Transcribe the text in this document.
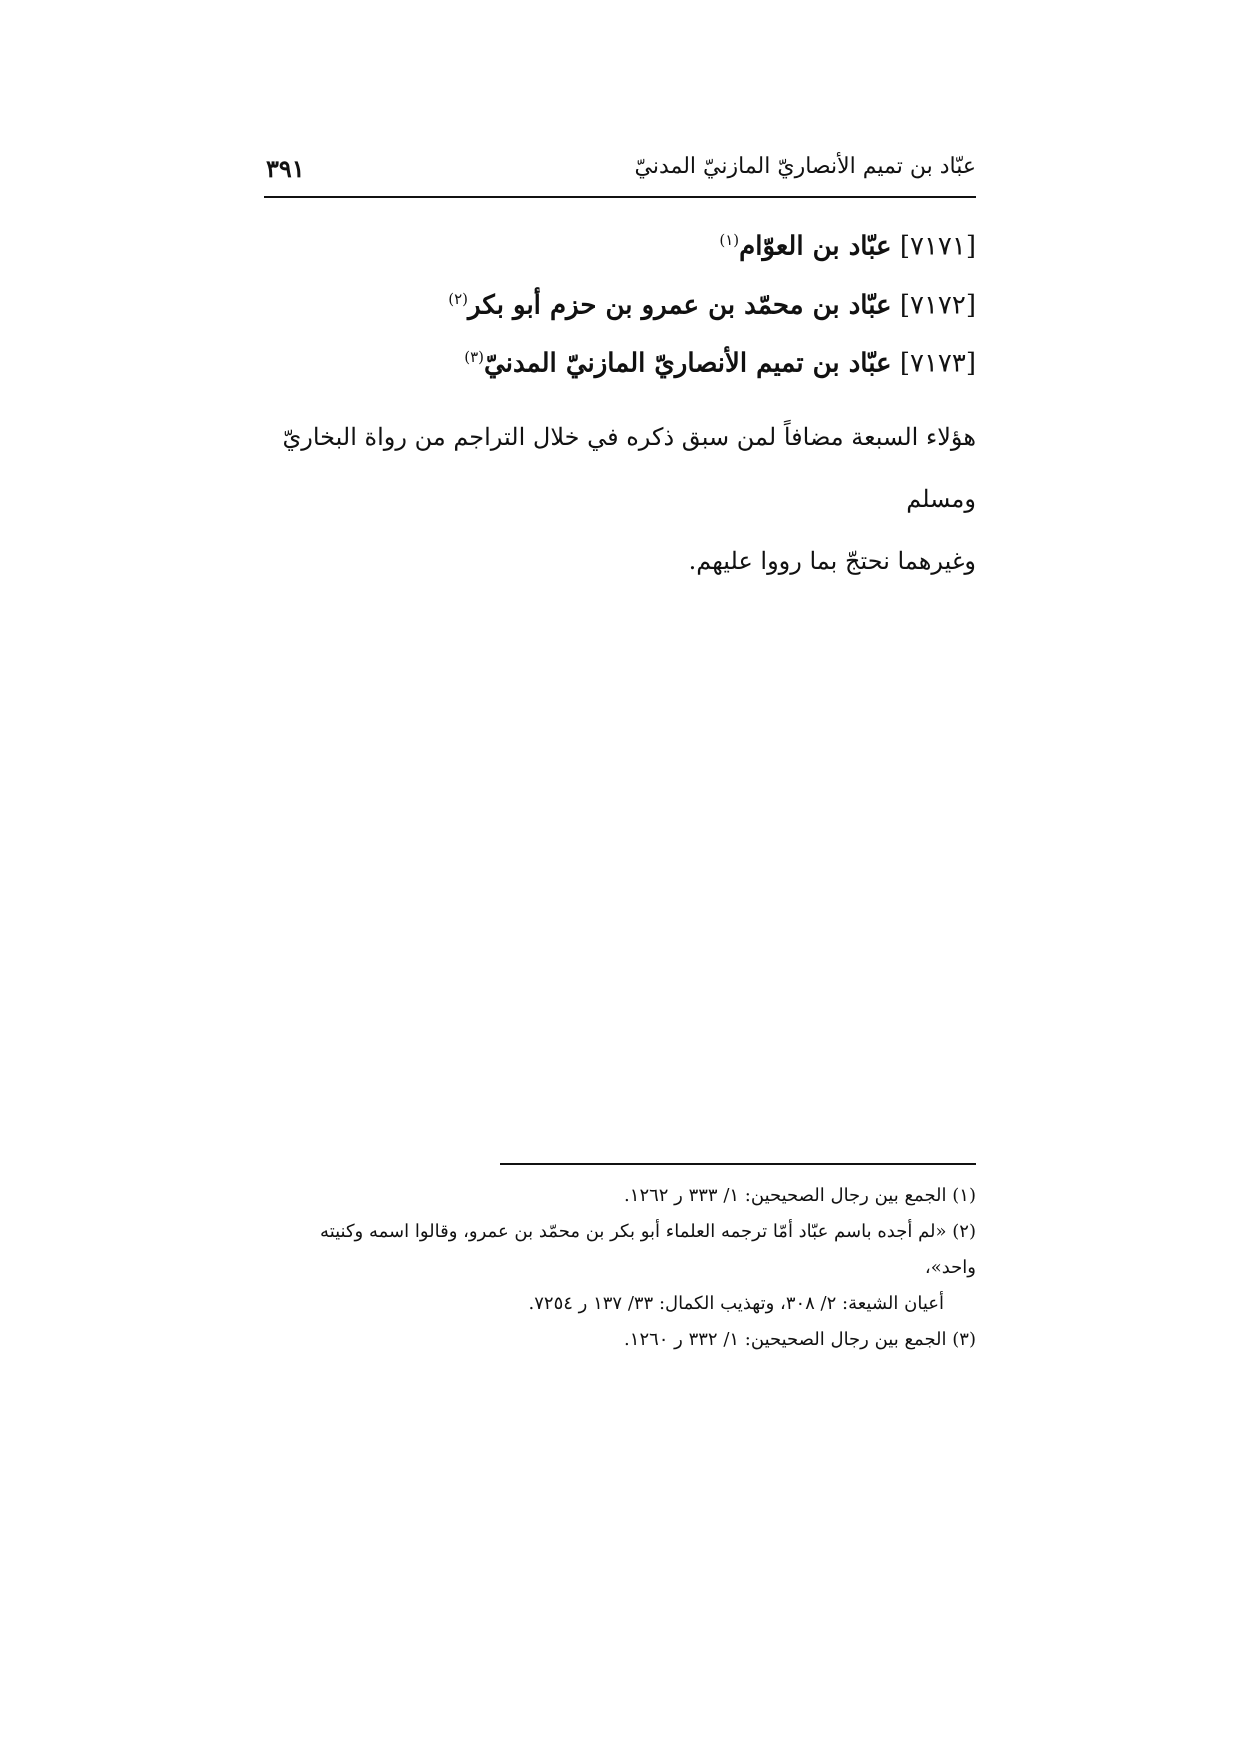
عبّاد بن تميم الأنصاريّ المازنيّ المدنيّ
٣٩١
[٧١٧١] عبّاد بن العوّام$^{(١)}$
[٧١٧٢] عبّاد بن محمّد بن عمرو بن حزم أبو بكر$^{(٢)}$
[٧١٧٣] عبّاد بن تميم الأنصاريّ المازنيّ المدنيّ$^{(٣)}$

هؤلاء السبعة مضافاً لمن سبق ذكره في خلال التراجم من رواة البخاريّ ومسلم

وغيرهما نحتجّ بما رووا عليهم.

(١) الجمع بين رجال الصحيحين: ١/ ٣٣٣ ر ١٢٦٢.

(٢) «لم أجده باسم عبّاد أمّا ترجمه العلماء أبو بكر بن محمّد بن عمرو، وقالوا اسمه وكنيته واحد»،

أعيان الشيعة: ٢/ ٣٠٨، وتهذيب الكمال: ٣٣/ ١٣٧ ر ٧٢٥٤.

(٣) الجمع بين رجال الصحيحين: ١/ ٣٣٢ ر ١٢٦٠.
